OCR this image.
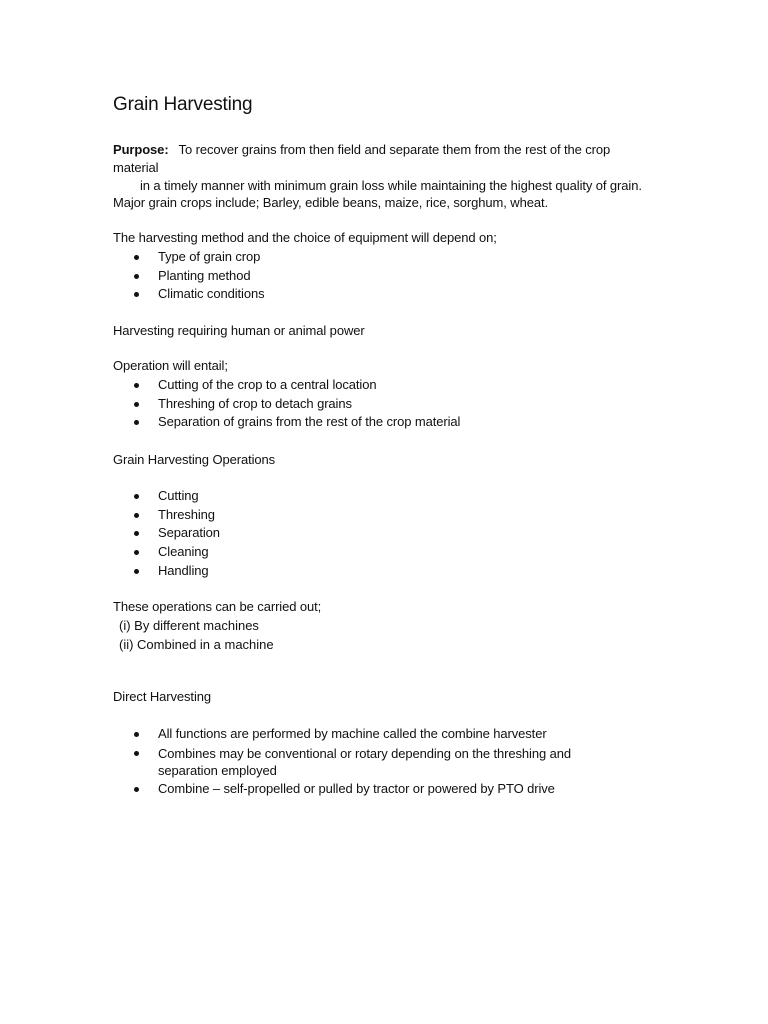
Grain Harvesting
Purpose: To recover grains from then field and separate them from the rest of the crop material
in a timely manner with minimum grain loss while maintaining the highest quality of grain.

Major grain crops include; Barley, edible beans, maize, rice, sorghum, wheat.

The harvesting method and the choice of equipment will depend on;

Type of grain crop
Planting method
Climatic conditions

Harvesting requiring human or animal power

Operation will entail;

Cutting of the crop to a central location
Threshing of crop to detach grains
Separation of grains from the rest of the crop material

Grain Harvesting Operations

Cutting
Threshing
Separation
Cleaning
Handling

These operations can be carried out;

(i) By different machines

(ii) Combined in a machine

Direct Harvesting

All functions are performed by machine called the combine harvester
Combines may be conventional or rotary depending on the threshing and separation employed
Combine – self-propelled or pulled by tractor or powered by PTO drive
